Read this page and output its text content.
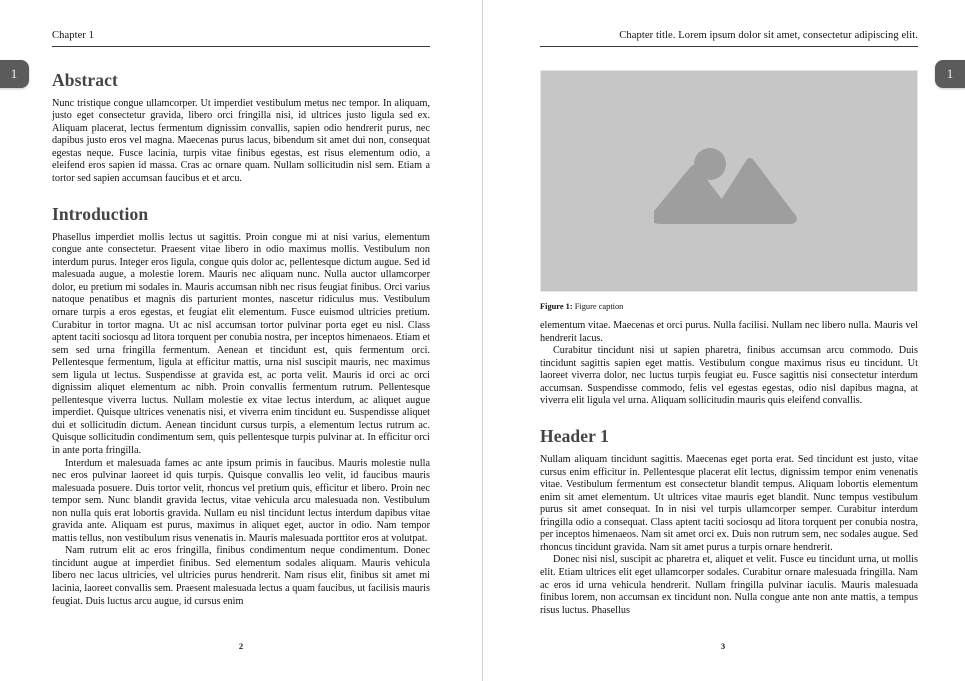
1
Chapter 1
Abstract

Nunc tristique congue ullamcorper. Ut imperdiet vestibulum metus nec tempor. In aliquam, justo eget consectetur gravida, libero orci fringilla nisi, id ultrices justo ligula sed ex. Aliquam placerat, lectus fermentum dignissim convallis, sapien odio hendrerit purus, nec dapibus justo eros vel magna. Maecenas purus lacus, bibendum sit amet dui non, consequat egestas neque. Fusce lacinia, turpis vitae finibus egestas, est risus elementum odio, a eleifend eros sapien id massa. Cras ac ornare quam. Nullam sollicitudin nisl sem. Etiam a tortor sed sapien accumsan faucibus et et arcu.

Introduction

Phasellus imperdiet mollis lectus ut sagittis. Proin congue mi at nisi varius, elementum congue ante consectetur. Praesent vitae libero in odio maximus mollis. Vestibulum non interdum purus. Integer eros ligula, congue quis dolor ac, pellentesque dictum augue. Sed id malesuada augue, a molestie lorem. Mauris nec aliquam nunc. Nulla auctor ullamcorper dolor, eu pretium mi sodales in. Mauris accumsan nibh nec risus feugiat finibus. Orci varius natoque penatibus et magnis dis parturient montes, nascetur ridiculus mus. Vestibulum ornare turpis a eros egestas, et feugiat elit elementum. Fusce euismod ultricies pretium. Curabitur in tortor magna. Ut ac nisl accumsan tortor pulvinar porta eget eu nisl. Class aptent taciti sociosqu ad litora torquent per conubia nostra, per inceptos himenaeos. Etiam et sem sed urna fringilla fermentum. Aenean et tincidunt est, quis fermentum orci. Pellentesque fermentum, ligula at efficitur mattis, urna nisl suscipit mauris, nec maximus sem ligula ut lectus. Suspendisse at gravida est, ac porta velit. Mauris id orci ac orci dignissim aliquet elementum ac nibh. Proin convallis fermentum rutrum. Pellentesque pellentesque viverra luctus. Nullam molestie ex vitae lectus interdum, ac aliquet augue imperdiet. Quisque ultrices venenatis nisi, et viverra enim tincidunt eu. Suspendisse aliquet dui et sollicitudin dictum. Aenean tincidunt cursus turpis, a elementum lectus rutrum ac. Quisque sollicitudin condimentum sem, quis pellentesque turpis pulvinar at. In efficitur orci in ante porta fringilla.

Interdum et malesuada fames ac ante ipsum primis in faucibus. Mauris molestie nulla nec eros pulvinar laoreet id quis turpis. Quisque convallis leo velit, id faucibus mauris malesuada posuere. Duis tortor velit, rhoncus vel pretium quis, efficitur et libero. Proin nec tempor sem. Nunc blandit gravida lectus, vitae vehicula arcu malesuada non. Vestibulum non nulla quis erat lobortis gravida. Nullam eu nisl tincidunt lectus interdum dapibus vitae gravida ante. Aliquam est purus, maximus in aliquet eget, auctor in odio. Nam tempor mattis tellus, non vestibulum risus venenatis in. Mauris malesuada porttitor eros at volutpat.

Nam rutrum elit ac eros fringilla, finibus condimentum neque condimentum. Donec tincidunt augue at imperdiet finibus. Sed elementum sodales aliquam. Mauris vehicula libero nec lacus ultricies, vel ultricies purus hendrerit. Nam risus elit, finibus sit amet mi lacinia, laoreet convallis sem. Praesent malesuada lectus a quam faucibus, ut facilisis mauris feugiat. Duis luctus arcu augue, id cursus enim

2
1
Chapter title. Lorem ipsum dolor sit amet, consectetur adipiscing elit.
Figure 1: Figure caption

elementum vitae. Maecenas et orci purus. Nulla facilisi. Nullam nec libero nulla. Mauris vel hendrerit lacus.

Curabitur tincidunt nisi ut sapien pharetra, finibus accumsan arcu commodo. Duis tincidunt sagittis sapien eget mattis. Vestibulum congue maximus risus eu tincidunt. Ut laoreet viverra dolor, nec luctus turpis feugiat eu. Fusce sagittis nisi consectetur interdum accumsan. Suspendisse commodo, felis vel egestas egestas, odio nisl dapibus magna, at viverra elit ligula vel urna. Aliquam sollicitudin mauris quis eleifend convallis.

Header 1

Nullam aliquam tincidunt sagittis. Maecenas eget porta erat. Sed tincidunt est justo, vitae cursus enim efficitur in. Pellentesque placerat elit lectus, dignissim tempor enim venenatis vitae. Vestibulum fermentum est consectetur blandit tempus. Aliquam lobortis elementum enim sit amet elementum. Ut ultrices vitae mauris eget blandit. Nunc tempus vestibulum purus sit amet consequat. In in nisi vel turpis ullamcorper semper. Curabitur interdum fringilla odio a consequat. Class aptent taciti sociosqu ad litora torquent per conubia nostra, per inceptos himenaeos. Nam sit amet orci ex. Duis non rutrum sem, nec sodales augue. Sed rhoncus tincidunt gravida. Nam sit amet purus a turpis ornare hendrerit.

Donec nisi nisl, suscipit ac pharetra et, aliquet et velit. Fusce eu tincidunt urna, ut mollis elit. Etiam ultrices elit eget ullamcorper sodales. Curabitur ornare malesuada fringilla. Nam ac eros id urna vehicula hendrerit. Nullam fringilla pulvinar iaculis. Mauris malesuada finibus lorem, non accumsan ex tincidunt non. Nulla congue ante non ante mattis, a tempus risus luctus. Phasellus

3
